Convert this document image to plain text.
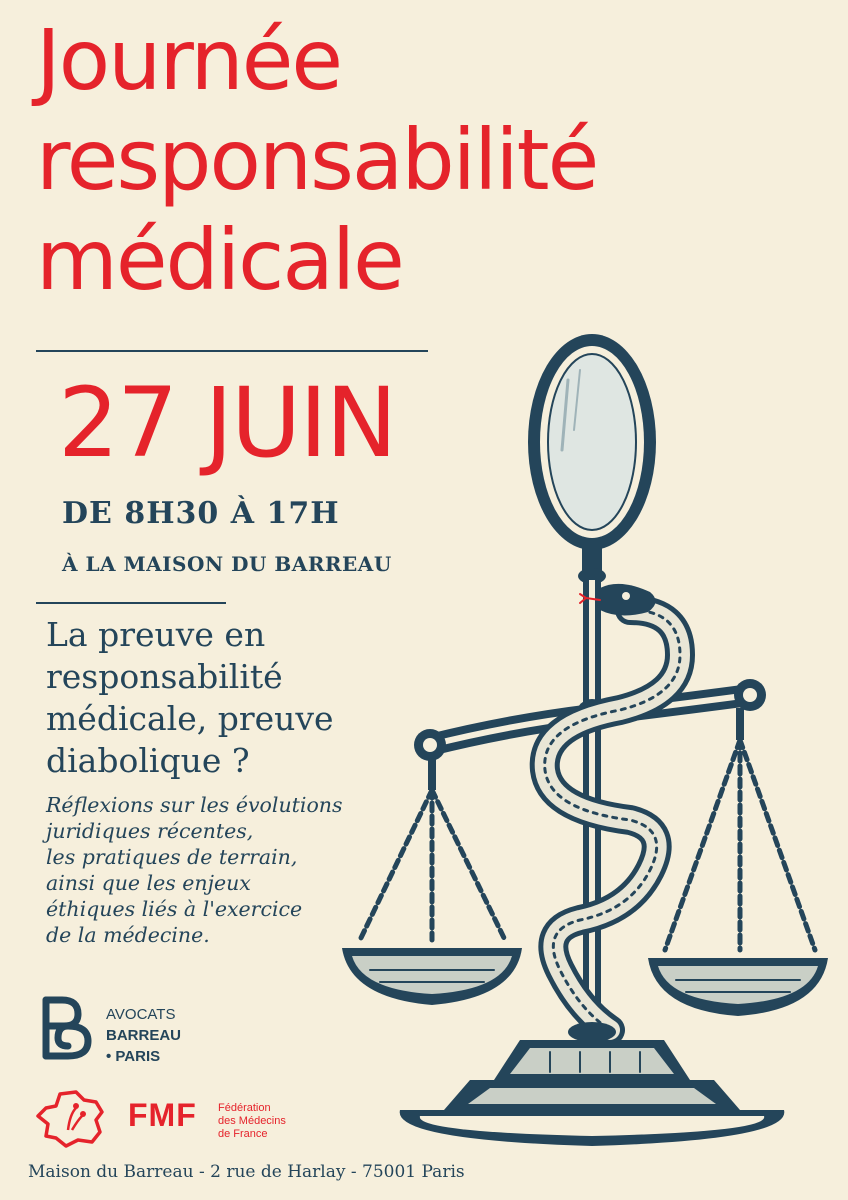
Journée
responsabilité
médicale
27 JUIN
DE 8H30 À 17H
À LA MAISON DU BARREAU
La preuve en
responsabilité
médicale, preuve
diabolique ?
Réflexions sur les évolutions
juridiques récentes,
les pratiques de terrain,
ainsi que les enjeux
éthiques liés à l'exercice
de la médecine.
AVOCATS
BARREAU
• PARIS
FMF Fédération
des Médecins
de France
Maison du Barreau - 2 rue de Harlay - 75001 Paris
